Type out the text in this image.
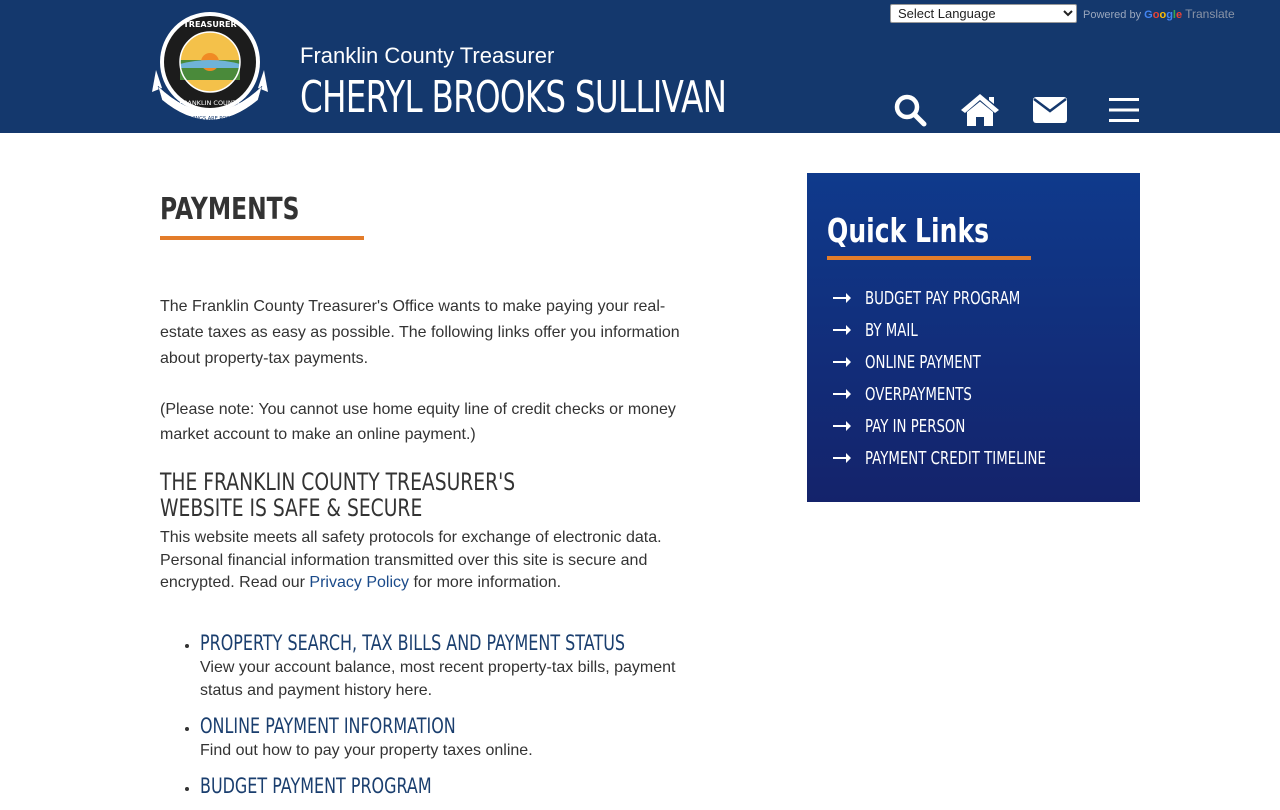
TREASURER
FRANKLIN COUNTY
ALL THINGS ARE POSSIBLE
Franklin County Treasurer
CHERYL BROOKS SULLIVAN
Select Language
Powered by Google Translate
PAYMENTS

The Franklin County Treasurer's Office wants to make paying your real-estate taxes as easy as possible. The following links offer you information about property-tax payments.

(Please note: You cannot use home equity line of credit checks or money market account to make an online payment.)

THE FRANKLIN COUNTY TREASURER'S
WEBSITE IS SAFE & SECURE
This website meets all safety protocols for exchange of electronic data. Personal financial information transmitted over this site is secure and encrypted. Read our Privacy Policy for more information.
• PROPERTY SEARCH, TAX BILLS AND PAYMENT STATUS
View your account balance, most recent property-tax bills, payment status and payment history here.
• ONLINE PAYMENT INFORMATION
Find out how to pay your property taxes online.
• BUDGET PAYMENT PROGRAM
Quick Links
BUDGET PAY PROGRAM
BY MAIL
ONLINE PAYMENT
OVERPAYMENTS
PAY IN PERSON
PAYMENT CREDIT TIMELINE
